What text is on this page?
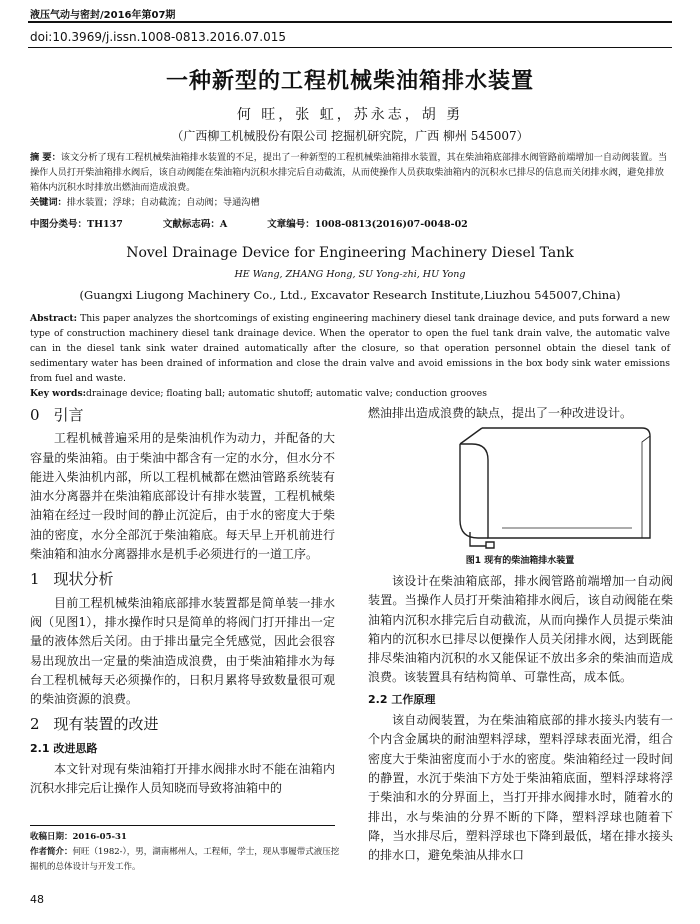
液压气动与密封/2016年第07期
doi:10.3969/j.issn.1008-0813.2016.07.015
一种新型的工程机械柴油箱排水装置
何 旺，张 虹，苏永志，胡 勇
（广西柳工机械股份有限公司 挖掘机研究院，广西 柳州 545007）
摘 要：该文分析了现有工程机械柴油箱排水装置的不足，提出了一种新型的工程机械柴油箱排水装置，其在柴油箱底部排水阀管路前端增加一自动阀装置。当操作人员打开柴油箱排水阀后，该自动阀能在柴油箱内沉积水排完后自动截流，从而使操作人员获取柴油箱内的沉积水已排尽的信息而关闭排水阀，避免排放箱体内沉积水时排放出燃油而造成浪费。
关键词：排水装置；浮球；自动截流；自动阀；导通沟槽
中图分类号：TH137	文献标志码：A	文章编号：1008-0813(2016)07-0048-02
Novel Drainage Device for Engineering Machinery Diesel Tank
HE Wang, ZHANG Hong, SU Yong-zhi, HU Yong
(Guangxi Liugong Machinery Co., Ltd., Excavator Research Institute,Liuzhou 545007,China)
Abstract: This paper analyzes the shortcomings of existing engineering machinery diesel tank drainage device, and puts forward a new type of construction machinery diesel tank drainage device. When the operator to open the fuel tank drain valve, the automatic valve can in the diesel tank sink water drained automatically after the closure, so that operation personnel obtain the diesel tank of sedimentary water has been drained of information and close the drain valve and avoid emissions in the box body sink water emissions from fuel and waste.
Key words:drainage device; floating ball; automatic shutoff; automatic valve; conduction grooves
0 引言

工程机械普遍采用的是柴油机作为动力，并配备的大容量的柴油箱。由于柴油中都含有一定的水分，但水分不能进入柴油机内部，所以工程机械都在燃油管路系统装有油水分离器并在柴油箱底部设计有排水装置，工程机械柴油箱在经过一段时间的静止沉淀后，由于水的密度大于柴油的密度，水分全部沉于柴油箱底。每天早上开机前进行柴油箱和油水分离器排水是机手必须进行的一道工序。

1 现状分析

目前工程机械柴油箱底部排水装置都是简单装一排水阀（见图1），排水操作时只是简单的将阀门打开排出一定量的液体然后关闭。由于排出量完全凭感觉，因此会很容易出现放出一定量的柴油造成浪费，由于柴油箱排水为每台工程机械每天必须操作的，日积月累将导致数量很可观的柴油资源的浪费。

2 现有装置的改进
2.1 改进思路

本文针对现有柴油箱打开排水阀排水时不能在油箱内沉积水排完后让操作人员知晓而导致将油箱中的

收稿日期：2016-05-31
作者简介：何旺（1982-），男，湖南郴州人，工程师，学士，现从事履带式液压挖掘机的总体设计与开发工作。
48
燃油排出造成浪费的缺点，提出了一种改进设计。
图1 现有的柴油箱排水装置

该设计在柴油箱底部，排水阀管路前端增加一自动阀装置。当操作人员打开柴油箱排水阀后，该自动阀能在柴油箱内沉积水排完后自动截流，从而向操作人员提示柴油箱内的沉积水已排尽以便操作人员关闭排水阀，达到既能排尽柴油箱内沉积的水又能保证不放出多余的柴油而造成浪费。该装置具有结构简单、可靠性高，成本低。

2.2 工作原理

该自动阀装置，为在柴油箱底部的排水接头内装有一个内含金属块的耐油塑料浮球，塑料浮球表面光滑，组合密度大于柴油密度而小于水的密度。柴油箱经过一段时间的静置，水沉于柴油下方处于柴油箱底面，塑料浮球将浮于柴油和水的分界面上，当打开排水阀排水时，随着水的排出，水与柴油的分界不断的下降，塑料浮球也随着下降，当水排尽后，塑料浮球也下降到最低，堵在排水接头的排水口，避免柴油从排水口
